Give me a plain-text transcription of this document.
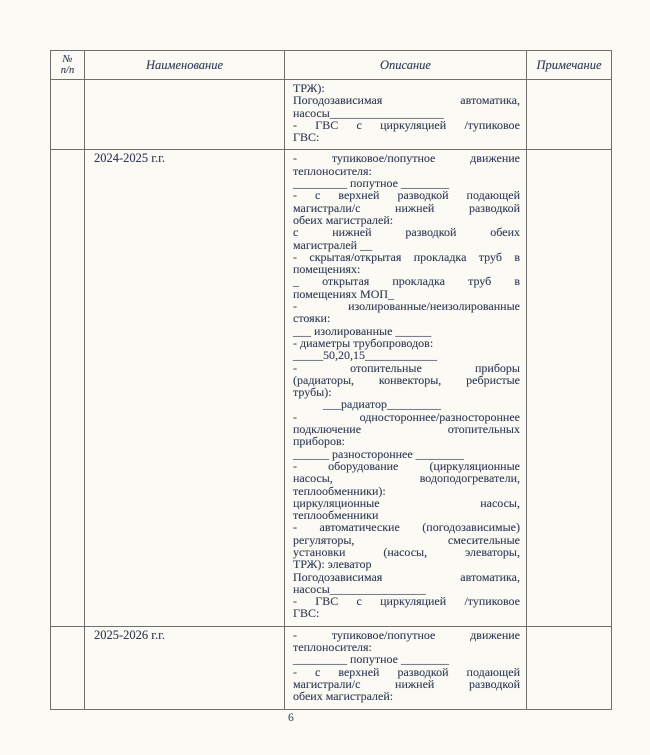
№
п/п	Наименование	Описание	Примечание
ТРЖ):
Погодозависимая автоматика,
насосы___________________
- ГВС с циркуляцией /тупиковое
ГВС:
2024-2025 г.г.	- тупиковое/попутное движение
теплоносителя:
_________ попутное ________
- с верхней разводкой подающей
магистрали/с нижней разводкой
обеих магистралей:
с нижней разводкой обеих
магистралей __
- скрытая/открытая прокладка труб в
помещениях:
_ открытая прокладка труб в
помещениях МОП_
- изолированные/неизолированные
стояки:
___ изолированные ______
- диаметры трубопроводов:
_____50,20,15____________
- отопительные приборы
(радиаторы, конвекторы, ребристые
трубы):
___радиатор_________
- одностороннее/разностороннее
подключение отопительных
приборов:
______ разностороннее ________
- оборудование (циркуляционные
насосы, водоподогреватели,
теплообменники):
циркуляционные насосы,
теплообменники
- автоматические (погодозависимые)
регуляторы, смесительные
установки (насосы, элеваторы,
ТРЖ): элеватор
Погодозависимая автоматика,
насосы________________
- ГВС с циркуляцией /тупиковое
ГВС:
2025-2026 г.г.	- тупиковое/попутное движение
теплоносителя:
_________ попутное ________
- с верхней разводкой подающей
магистрали/с нижней разводкой
обеих магистралей:
6
